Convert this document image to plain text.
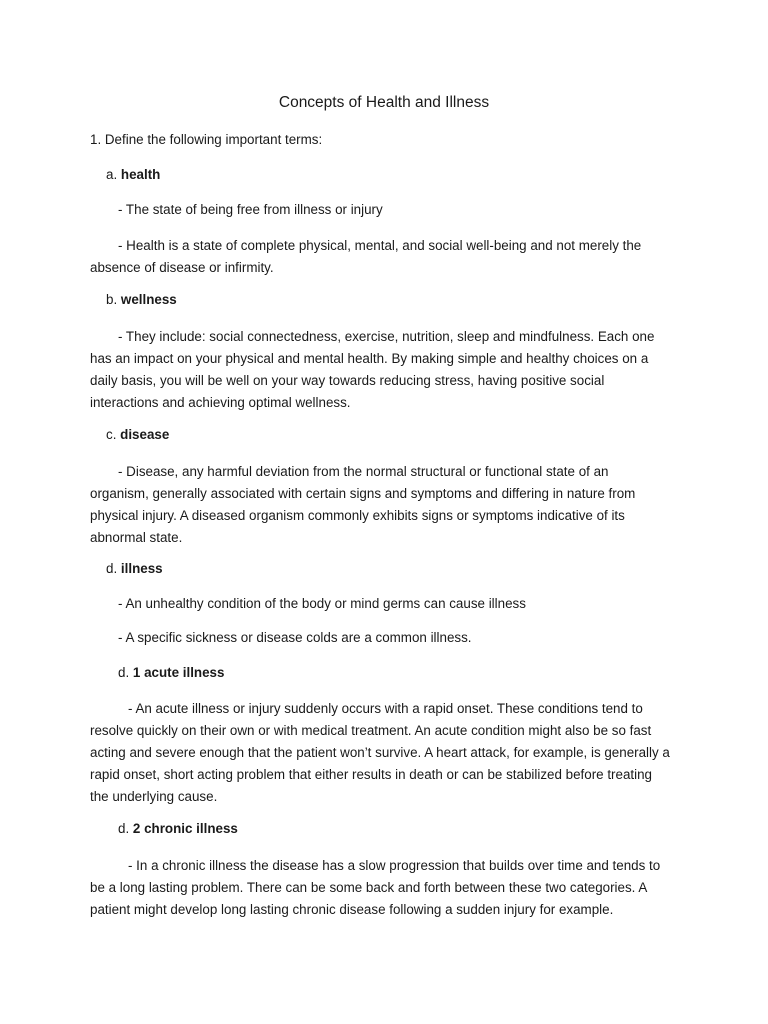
Concepts of Health and Illness
1. Define the following important terms:
a. health
- The state of being free from illness or injury
- Health is a state of complete physical, mental, and social well-being and not merely the absence of disease or infirmity.
b. wellness
- They include: social connectedness, exercise, nutrition, sleep and mindfulness. Each one has an impact on your physical and mental health. By making simple and healthy choices on a daily basis, you will be well on your way towards reducing stress, having positive social interactions and achieving optimal wellness.
c. disease
- Disease, any harmful deviation from the normal structural or functional state of an organism, generally associated with certain signs and symptoms and differing in nature from physical injury. A diseased organism commonly exhibits signs or symptoms indicative of its abnormal state.
d. illness
- An unhealthy condition of the body or mind germs can cause illness
- A specific sickness or disease colds are a common illness.
d. 1 acute illness
- An acute illness or injury suddenly occurs with a rapid onset. These conditions tend to resolve quickly on their own or with medical treatment. An acute condition might also be so fast acting and severe enough that the patient won’t survive. A heart attack, for example, is generally a rapid onset, short acting problem that either results in death or can be stabilized before treating the underlying cause.
d. 2 chronic illness
- In a chronic illness the disease has a slow progression that builds over time and tends to be a long lasting problem. There can be some back and forth between these two categories. A patient might develop long lasting chronic disease following a sudden injury for example.
